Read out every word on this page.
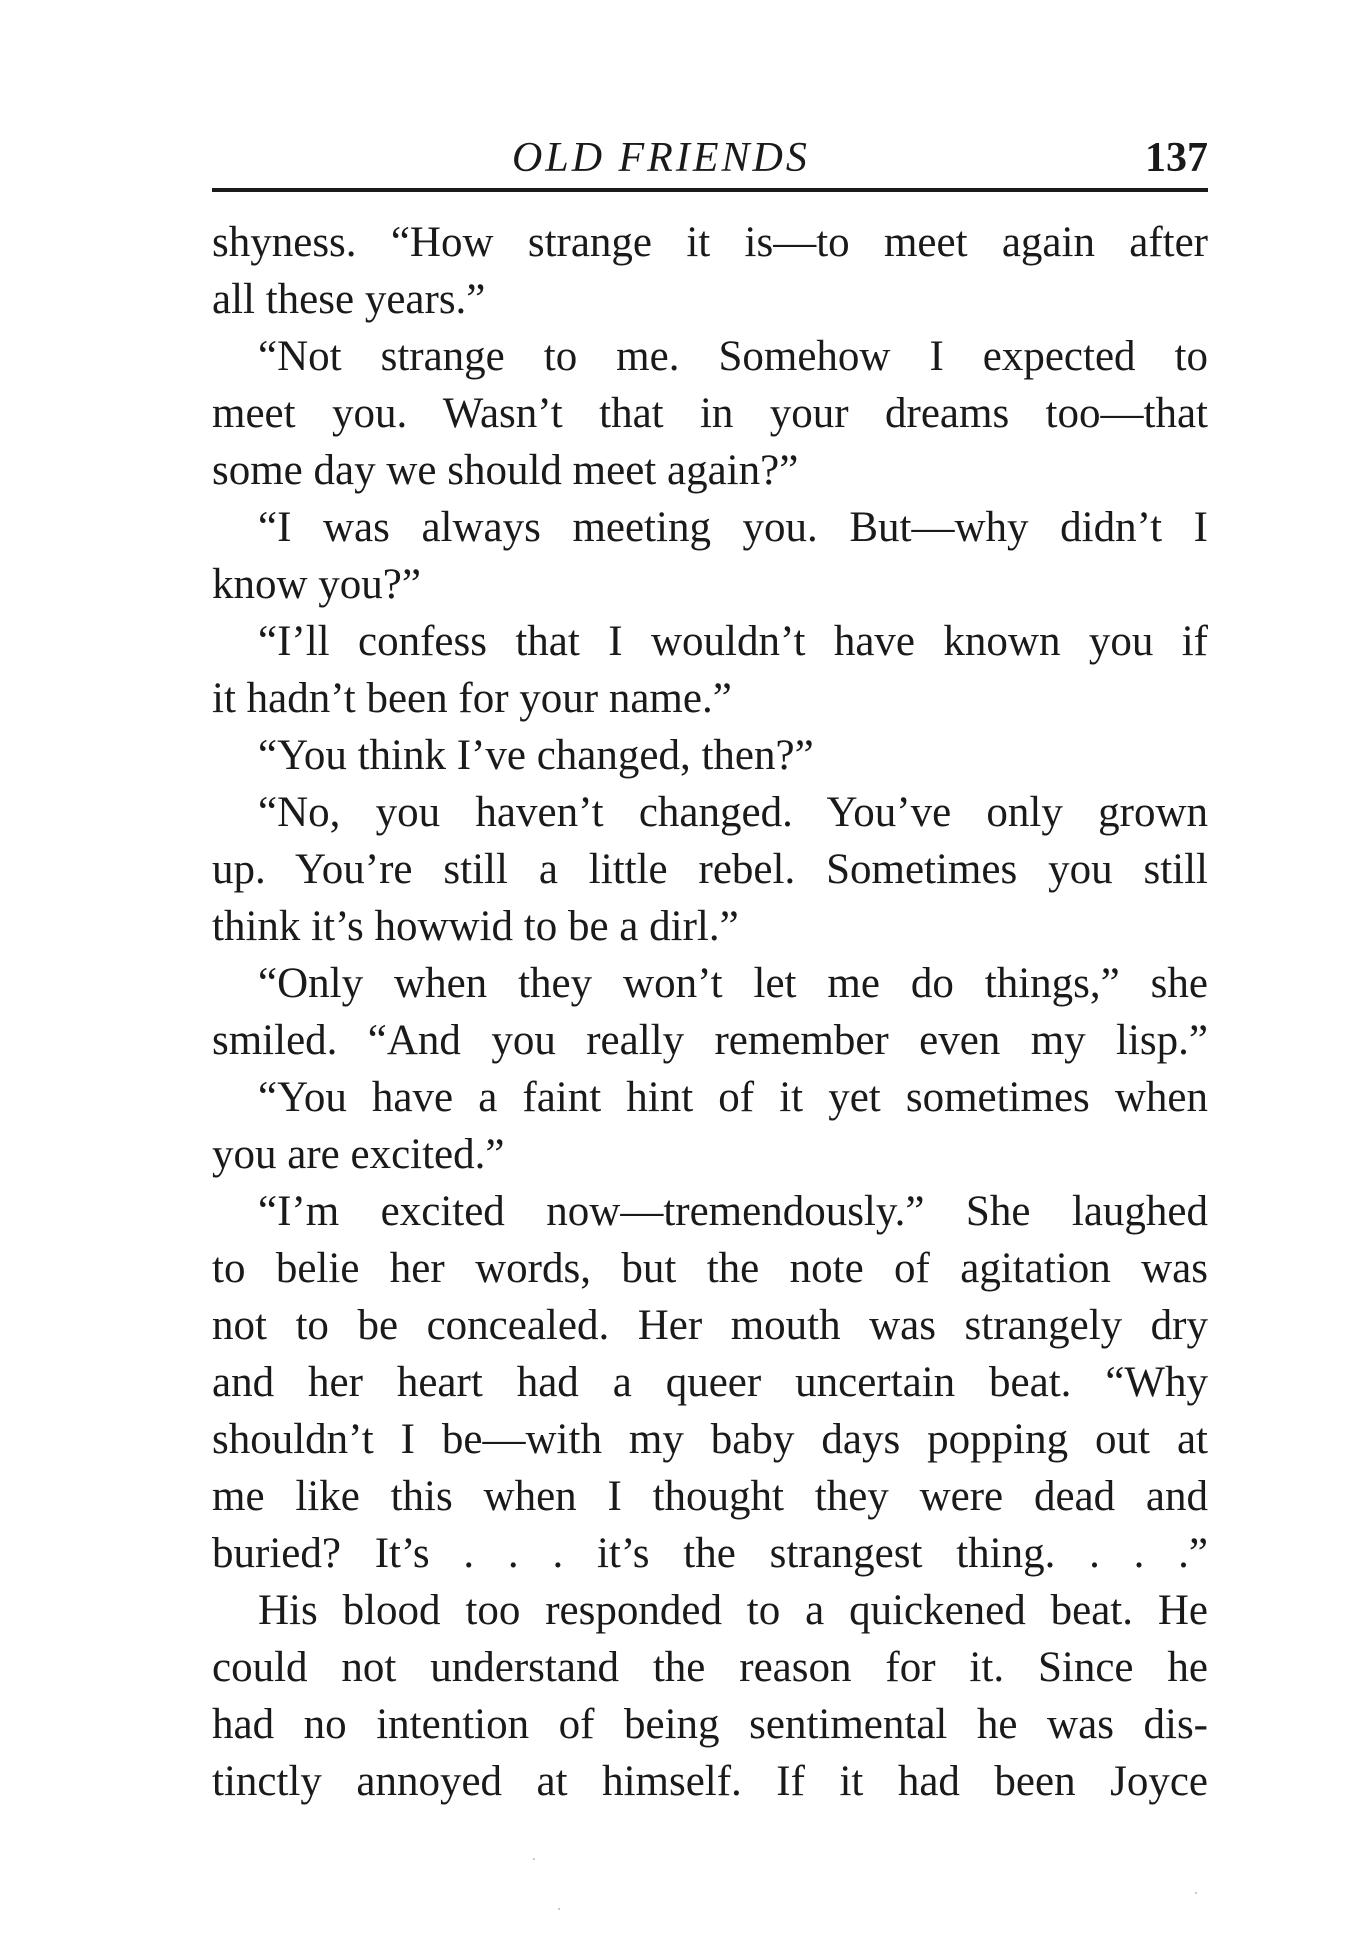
OLD FRIENDS	137
shyness. “How strange it is—to meet again after
all these years.”
“Not strange to me. Somehow I expected to
meet you. Wasn’t that in your dreams too—that
some day we should meet again?”
“I was always meeting you. But—why didn’t I
know you?”
“I’ll confess that I wouldn’t have known you if
it hadn’t been for your name.”
“You think I’ve changed, then?”
“No, you haven’t changed. You’ve only grown
up. You’re still a little rebel. Sometimes you still
think it’s howwid to be a dirl.”
“Only when they won’t let me do things,” she
smiled. “And you really remember even my lisp.”
“You have a faint hint of it yet sometimes when
you are excited.”
“I’m excited now—tremendously.” She laughed
to belie her words, but the note of agitation was
not to be concealed. Her mouth was strangely dry
and her heart had a queer uncertain beat. “Why
shouldn’t I be—with my baby days popping out at
me like this when I thought they were dead and
buried? It’s . . . it’s the strangest thing. . . .”
His blood too responded to a quickened beat. He
could not understand the reason for it. Since he
had no intention of being sentimental he was dis-
tinctly annoyed at himself. If it had been Joyce
